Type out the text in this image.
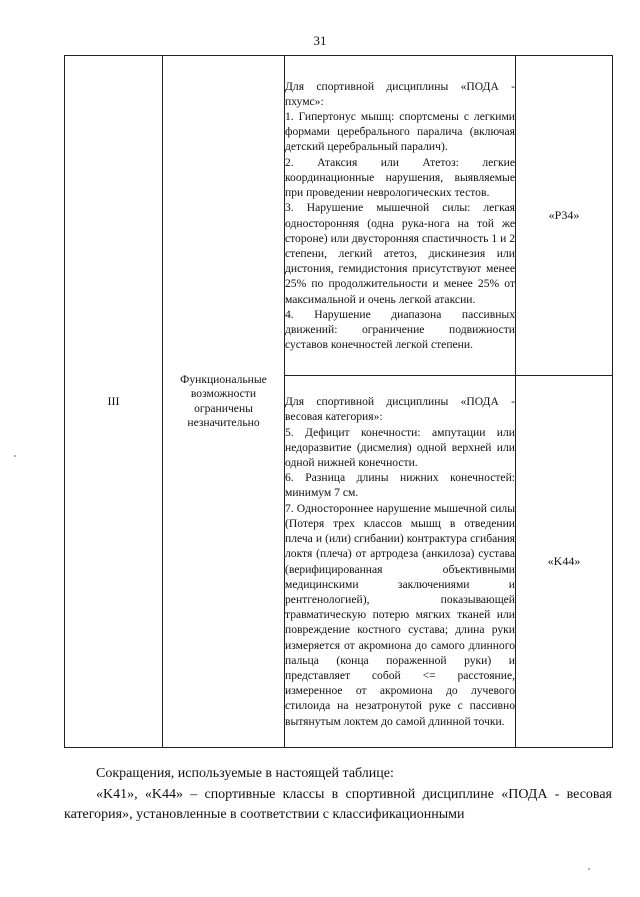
31
III	Функциональные возможности ограничены незначительно	Для спортивной дисциплины «ПОДА - пхумс»:

1. Гипертонус мышц: спортсмены с легкими формами церебрального паралича (включая детский церебральный паралич).

2. Атаксия или Атетоз: легкие координационные нарушения, выявляемые при проведении неврологических тестов.

3. Нарушение мышечной силы: легкая односторонняя (одна рука-нога на той же стороне) или двусторонняя спастичность 1 и 2 степени, легкий атетоз, дискинезия или дистония, гемидистония присутствуют менее 25% по продолжительности и менее 25% от максимальной и очень легкой атаксии.

4. Нарушение диапазона пассивных движений: ограничение подвижности суставов конечностей легкой степени.	«P34»

		Для спортивной дисциплины «ПОДА - весовая категория»:

5. Дефицит конечности: ампутации или недоразвитие (дисмелия) одной верхней или одной нижней конечности.

6. Разница длины нижних конечностей: минимум 7 см.

7. Одностороннее нарушение мышечной силы (Потеря трех классов мышц в отведении плеча и (или) сгибании) контрактура сгибания локтя (плеча) от артродеза (анкилоза) сустава (верифицированная объективными медицинскими заключениями и рентгенологией), показывающей травматическую потерю мягких тканей или повреждение костного сустава; длина руки измеряется от акромиона до самого длинного пальца (конца пораженной руки) и представляет собой <= расстояние, измеренное от акромиона до лучевого стилоида на незатронутой руке с пассивно вытянутым локтем до самой длинной точки.	«K44»
Сокращения, используемые в настоящей таблице:
«K41», «K44» – спортивные классы в спортивной дисциплине «ПОДА - весовая категория», установленные в соответствии с классификационными
